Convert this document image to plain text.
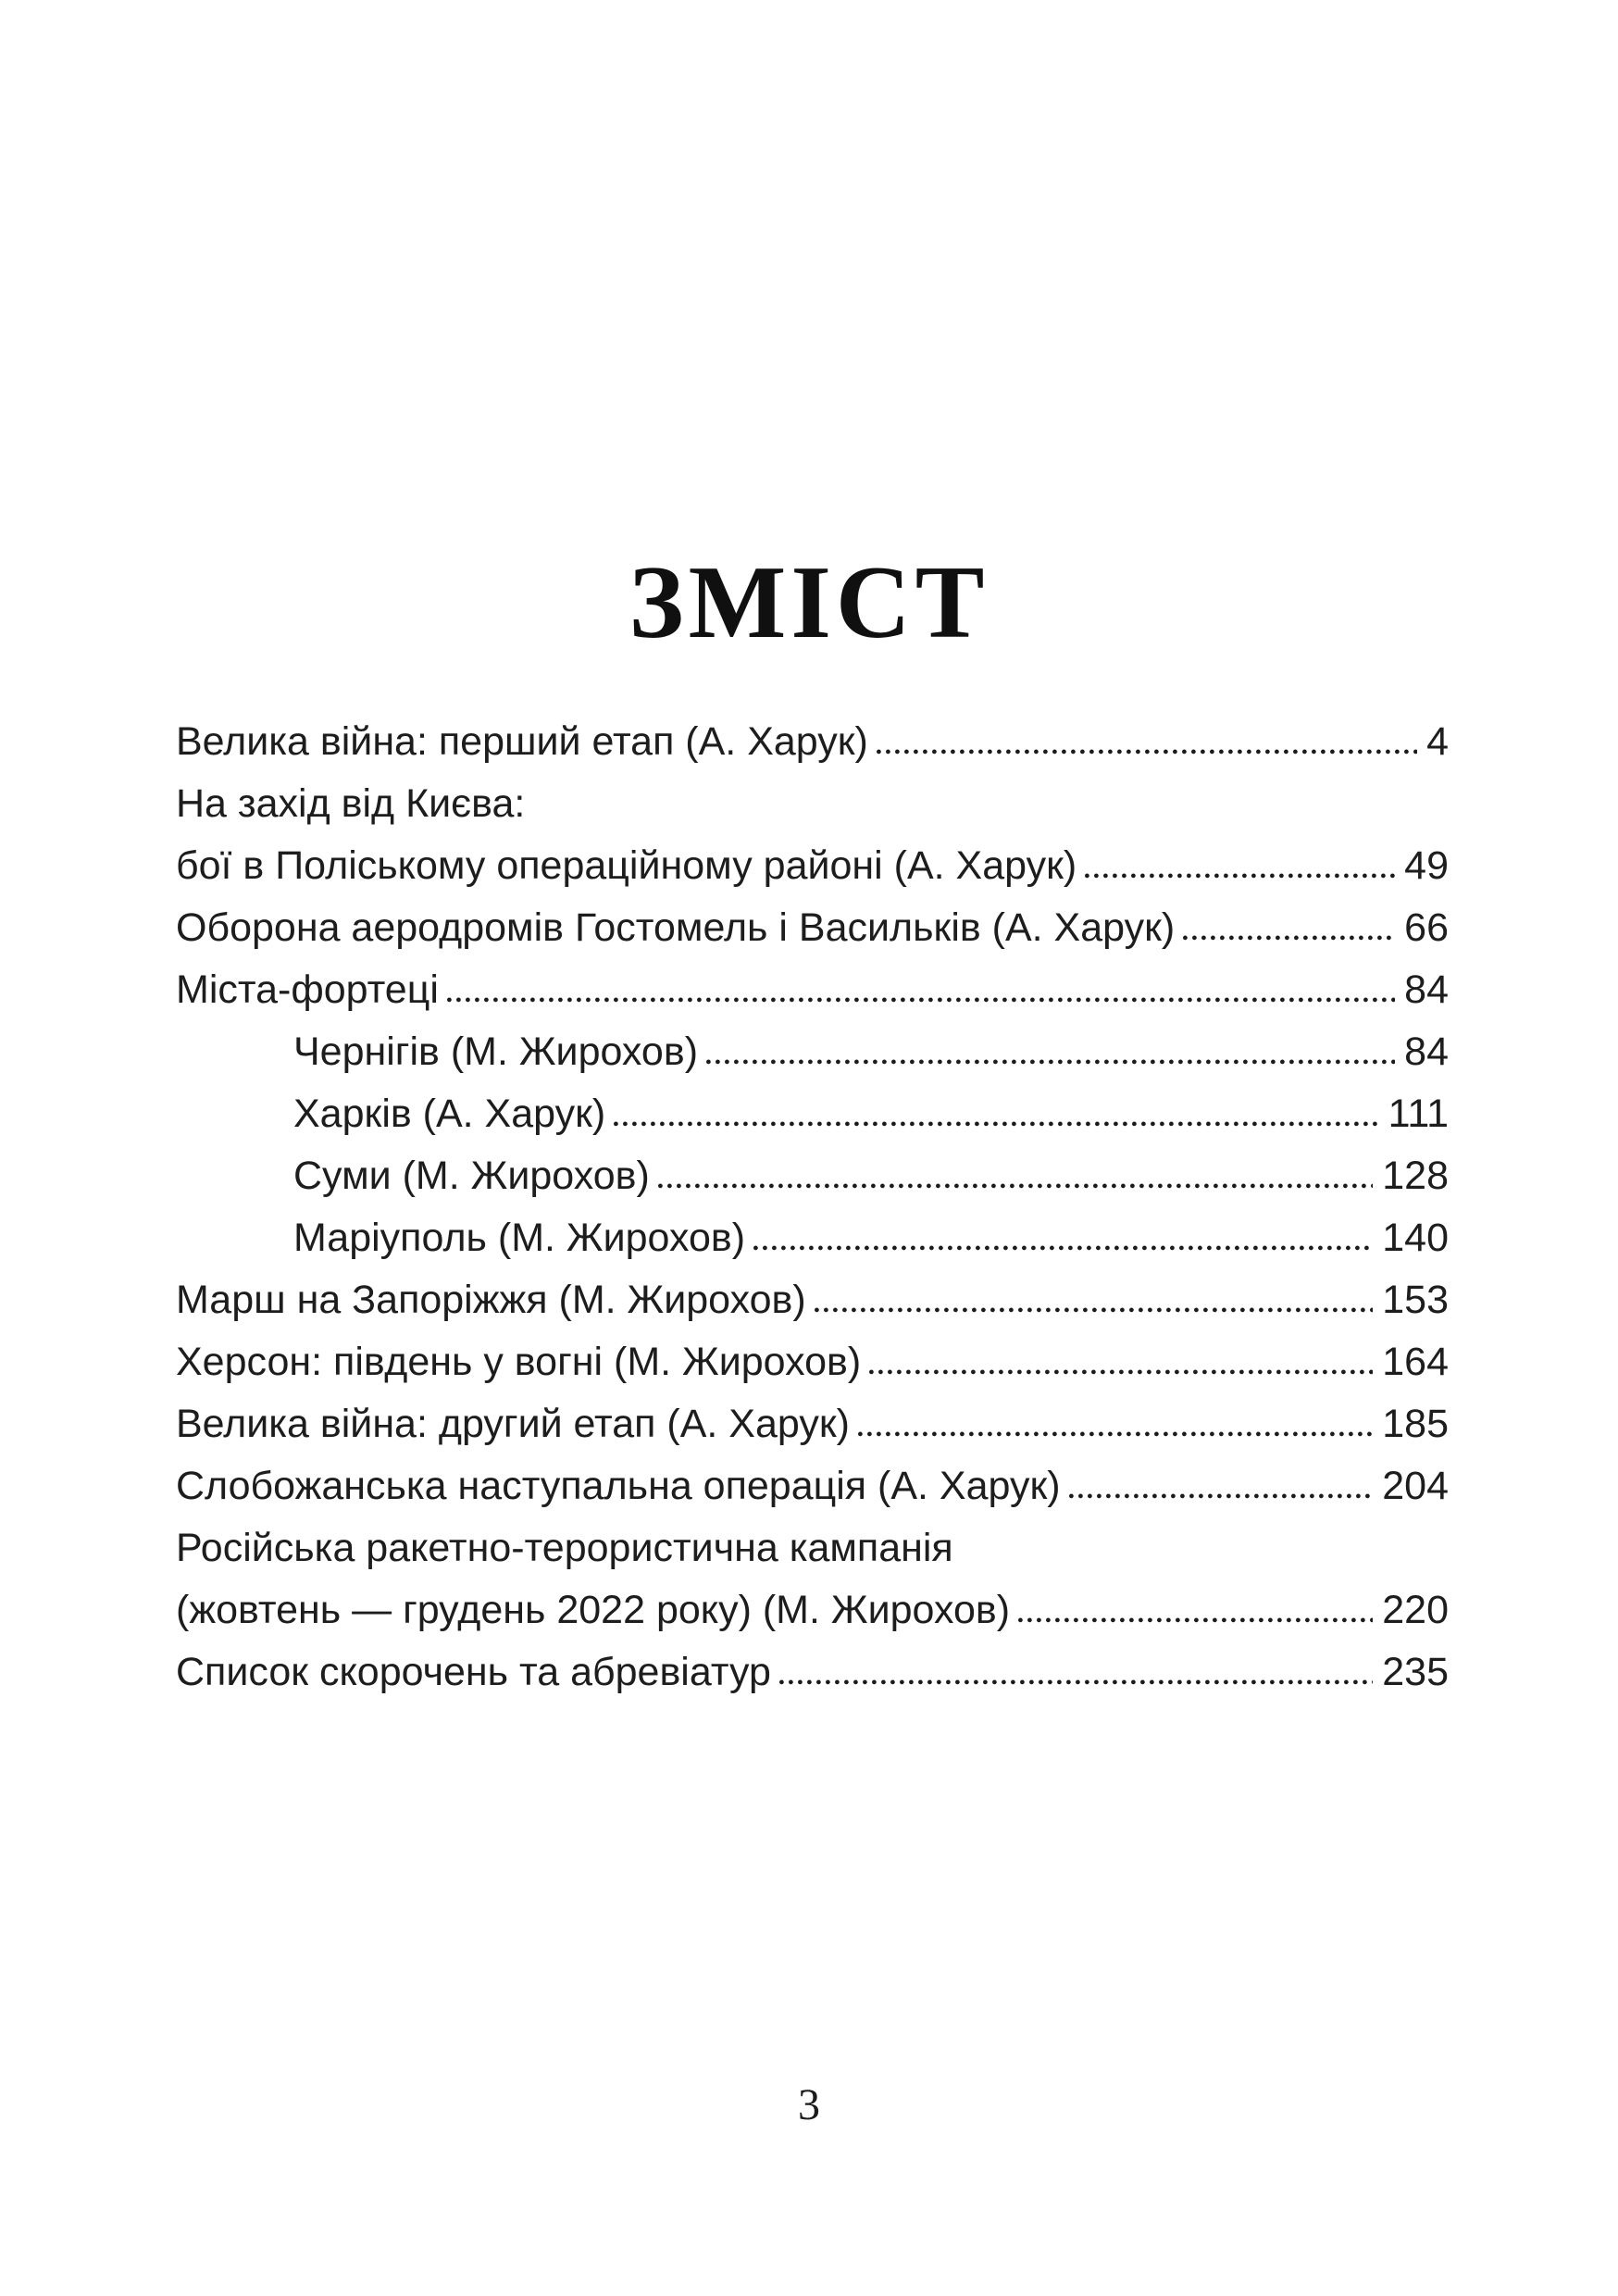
ЗМІСТ
Велика війна: перший етап (А. Харук)	4
На захід від Києва:
бої в Поліському операційному районі (А. Харук)	49
Оборона аеродромів Гостомель і Васильків (А. Харук)	66
Міста-фортеці	84
Чернігів (М. Жирохов)	84
Харків (А. Харук)	111
Суми (М. Жирохов)	128
Маріуполь (М. Жирохов)	140
Марш на Запоріжжя (М. Жирохов)	153
Херсон: південь у вогні (М. Жирохов)	164
Велика війна: другий етап (А. Харук)	185
Слобожанська наступальна операція (А. Харук)	204
Російська ракетно-терористична кампанія
(жовтень — грудень 2022 року) (М. Жирохов)	220
Список скорочень та абревіатур	235
3
